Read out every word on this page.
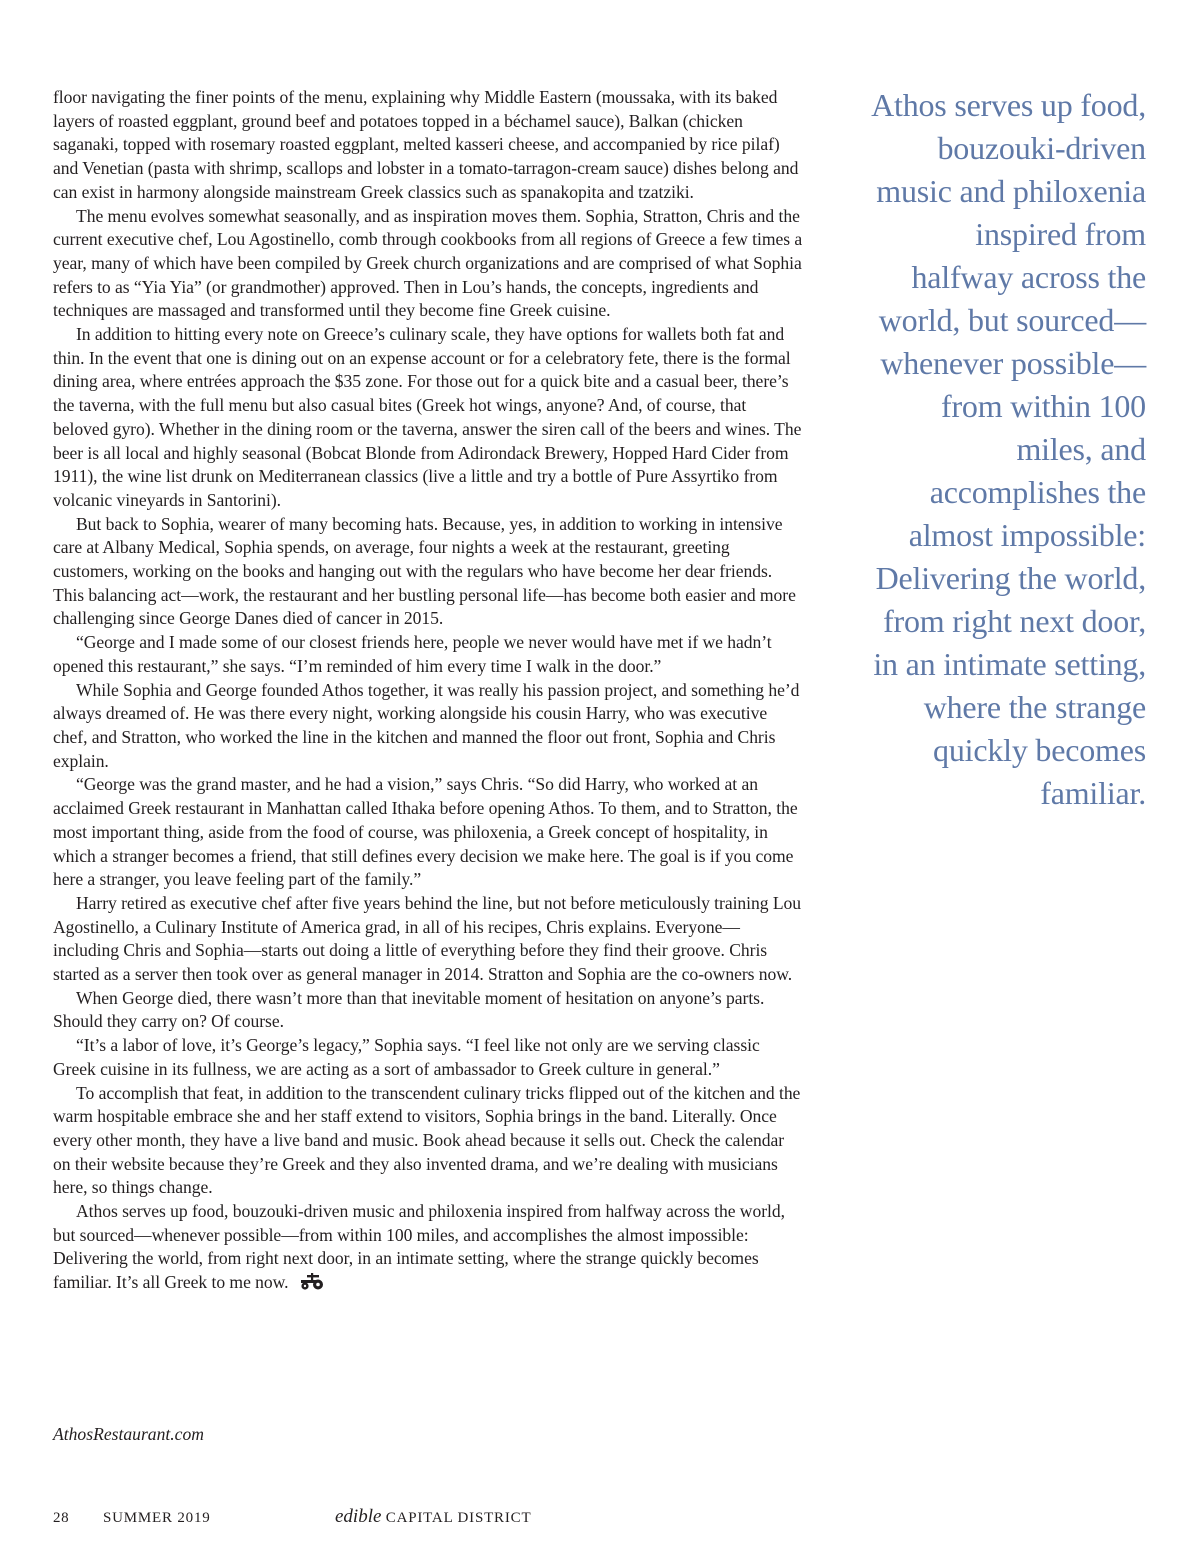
floor navigating the finer points of the menu, explaining why Middle Eastern (moussaka, with its baked layers of roasted eggplant, ground beef and potatoes topped in a béchamel sauce), Balkan (chicken saganaki, topped with rosemary roasted eggplant, melted kasseri cheese, and accompanied by rice pilaf) and Venetian (pasta with shrimp, scallops and lobster in a tomato-tarragon-cream sauce) dishes belong and can exist in harmony alongside mainstream Greek classics such as spanakopita and tzatziki.

The menu evolves somewhat seasonally, and as inspiration moves them. Sophia, Stratton, Chris and the current executive chef, Lou Agostinello, comb through cookbooks from all regions of Greece a few times a year, many of which have been compiled by Greek church organizations and are comprised of what Sophia refers to as “Yia Yia” (or grandmother) approved. Then in Lou’s hands, the concepts, ingredients and techniques are massaged and transformed until they become fine Greek cuisine.

In addition to hitting every note on Greece’s culinary scale, they have options for wallets both fat and thin. In the event that one is dining out on an expense account or for a celebratory fete, there is the formal dining area, where entrées approach the $35 zone. For those out for a quick bite and a casual beer, there’s the taverna, with the full menu but also casual bites (Greek hot wings, anyone? And, of course, that beloved gyro). Whether in the dining room or the taverna, answer the siren call of the beers and wines. The beer is all local and highly seasonal (Bobcat Blonde from Adirondack Brewery, Hopped Hard Cider from 1911), the wine list drunk on Mediterranean classics (live a little and try a bottle of Pure Assyrtiko from volcanic vineyards in Santorini).

But back to Sophia, wearer of many becoming hats. Because, yes, in addition to working in intensive care at Albany Medical, Sophia spends, on average, four nights a week at the restaurant, greeting customers, working on the books and hanging out with the regulars who have become her dear friends. This balancing act—work, the restaurant and her bustling personal life—has become both easier and more challenging since George Danes died of cancer in 2015.

“George and I made some of our closest friends here, people we never would have met if we hadn’t opened this restaurant,” she says. “I’m reminded of him every time I walk in the door.”

While Sophia and George founded Athos together, it was really his passion project, and something he’d always dreamed of. He was there every night, working alongside his cousin Harry, who was executive chef, and Stratton, who worked the line in the kitchen and manned the floor out front, Sophia and Chris explain.

“George was the grand master, and he had a vision,” says Chris. “So did Harry, who worked at an acclaimed Greek restaurant in Manhattan called Ithaka before opening Athos. To them, and to Stratton, the most important thing, aside from the food of course, was philoxenia, a Greek concept of hospitality, in which a stranger becomes a friend, that still defines every decision we make here. The goal is if you come here a stranger, you leave feeling part of the family.”

Harry retired as executive chef after five years behind the line, but not before meticulously training Lou Agostinello, a Culinary Institute of America grad, in all of his recipes, Chris explains. Everyone—including Chris and Sophia—starts out doing a little of everything before they find their groove. Chris started as a server then took over as general manager in 2014. Stratton and Sophia are the co-owners now.

When George died, there wasn’t more than that inevitable moment of hesitation on anyone’s parts. Should they carry on? Of course.

“It’s a labor of love, it’s George’s legacy,” Sophia says. “I feel like not only are we serving classic Greek cuisine in its fullness, we are acting as a sort of ambassador to Greek culture in general.”

To accomplish that feat, in addition to the transcendent culinary tricks flipped out of the kitchen and the warm hospitable embrace she and her staff extend to visitors, Sophia brings in the band. Literally. Once every other month, they have a live band and music. Book ahead because it sells out. Check the calendar on their website because they’re Greek and they also invented drama, and we’re dealing with musicians here, so things change.

Athos serves up food, bouzouki-driven music and philoxenia inspired from halfway across the world, but sourced—whenever possible—from within 100 miles, and accomplishes the almost impossible: Delivering the world, from right next door, in an intimate setting, where the strange quickly becomes familiar. It’s all Greek to me now.

AthosRestaurant.com
Athos serves up food, bouzouki-driven music and philoxenia inspired from halfway across the world, but sourced—whenever possible—from within 100 miles, and accomplishes the almost impossible: Delivering the world, from right next door, in an intimate setting, where the strange quickly becomes familiar.
28 SUMMER 2019	edible CAPITAL DISTRICT
